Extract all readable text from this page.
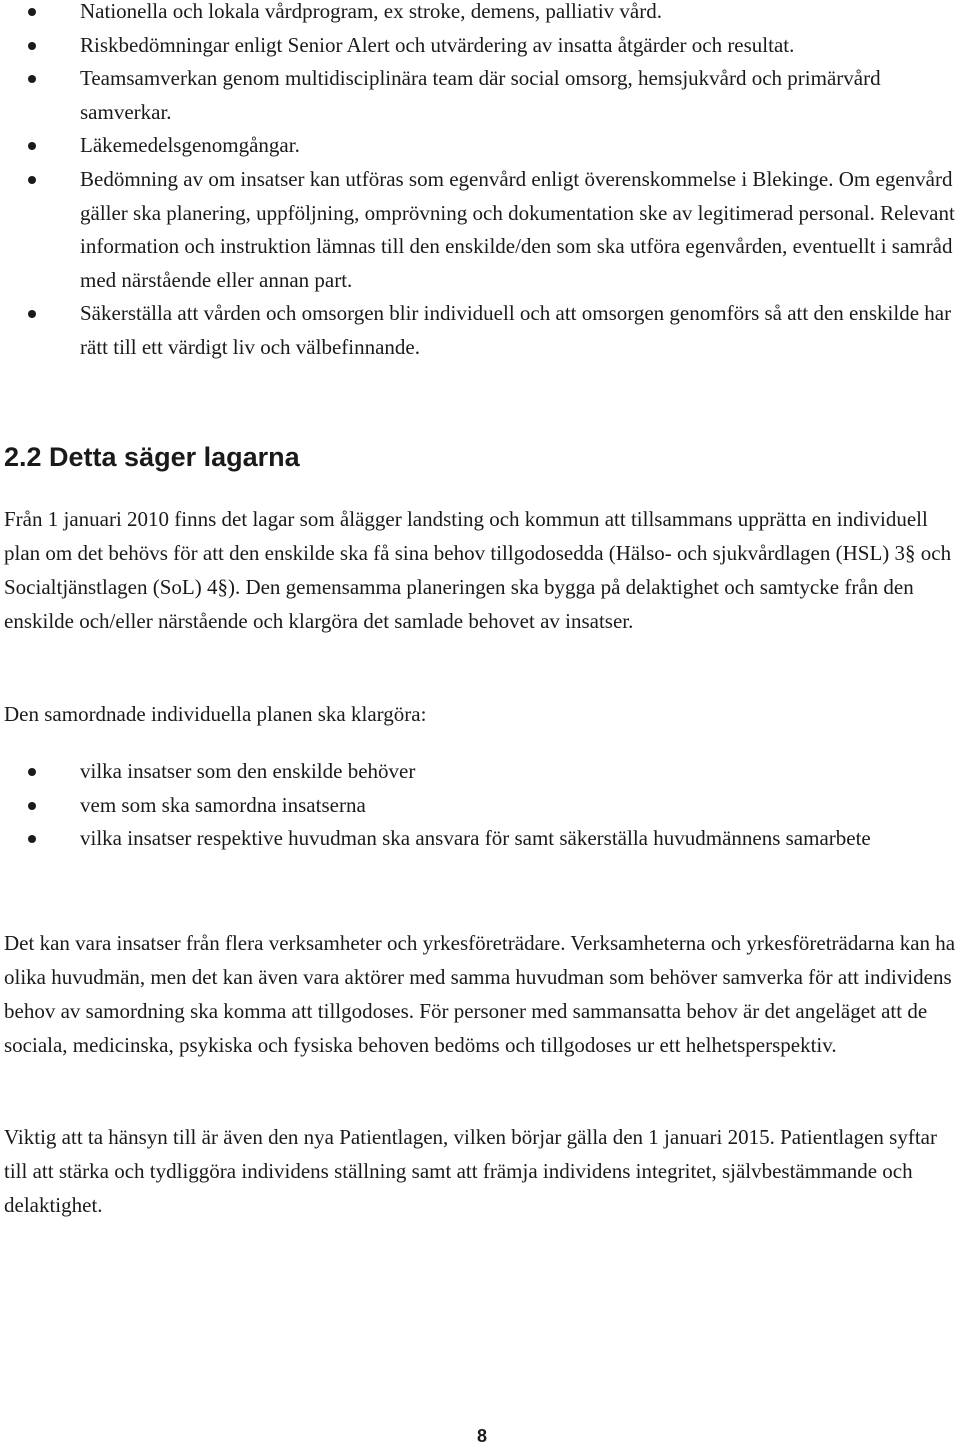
Nationella och lokala vårdprogram, ex stroke, demens, palliativ vård.
Riskbedömningar enligt Senior Alert och utvärdering av insatta åtgärder och resultat.
Teamsamverkan genom multidisciplinära team där social omsorg, hemsjukvård och primärvård samverkar.
Läkemedelsgenomgångar.
Bedömning av om insatser kan utföras som egenvård enligt överenskommelse i Blekinge. Om egenvård gäller ska planering, uppföljning, omprövning och dokumentation ske av legitimerad personal. Relevant information och instruktion lämnas till den enskilde/den som ska utföra egenvården, eventuellt i samråd med närstående eller annan part.
Säkerställa att vården och omsorgen blir individuell och att omsorgen genomförs så att den enskilde har rätt till ett värdigt liv och välbefinnande.
2.2 Detta säger lagarna

Från 1 januari 2010 finns det lagar som ålägger landsting och kommun att tillsammans upprätta en individuell plan om det behövs för att den enskilde ska få sina behov tillgodosedda (Hälso- och sjukvårdlagen (HSL) 3§ och Socialtjänstlagen (SoL) 4§). Den gemensamma planeringen ska bygga på delaktighet och samtycke från den enskilde och/eller närstående och klargöra det samlade behovet av insatser.

Den samordnade individuella planen ska klargöra:

vilka insatser som den enskilde behöver
vem som ska samordna insatserna
vilka insatser respektive huvudman ska ansvara för samt säkerställa huvudmännens samarbete

Det kan vara insatser från flera verksamheter och yrkesföreträdare. Verksamheterna och yrkesföreträdarna kan ha olika huvudmän, men det kan även vara aktörer med samma huvudman som behöver samverka för att individens behov av samordning ska komma att tillgodoses. För personer med sammansatta behov är det angeläget att de sociala, medicinska, psykiska och fysiska behoven bedöms och tillgodoses ur ett helhetsperspektiv.

Viktig att ta hänsyn till är även den nya Patientlagen, vilken börjar gälla den 1 januari 2015. Patientlagen syftar till att stärka och tydliggöra individens ställning samt att främja individens integritet, självbestämmande och delaktighet.

8
